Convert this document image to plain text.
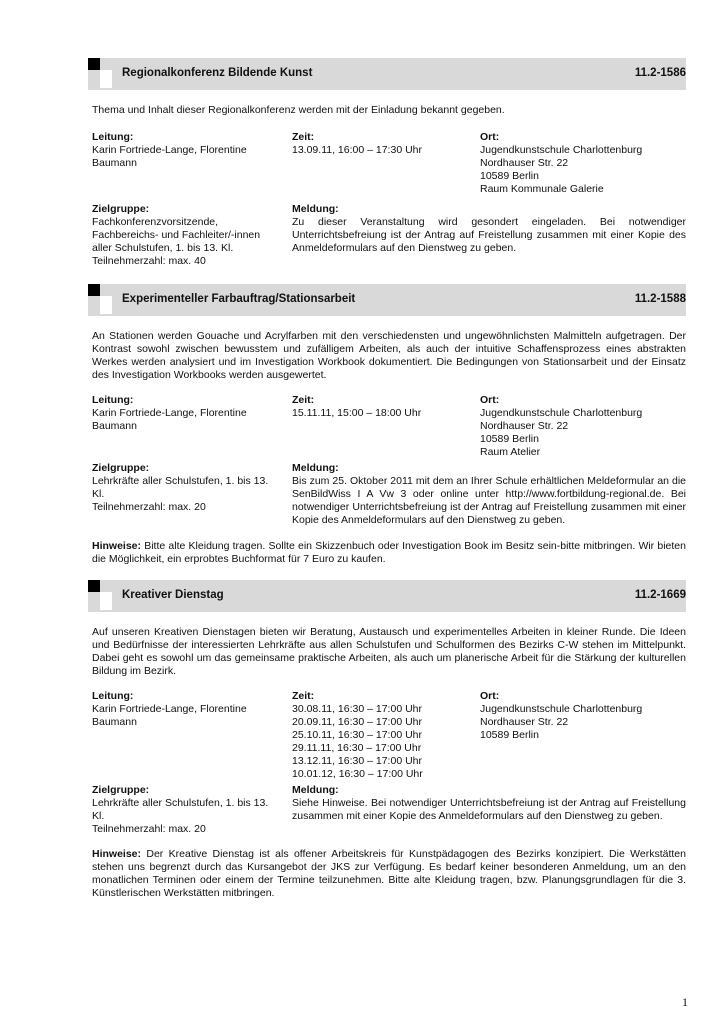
Regionalkonferenz Bildende Kunst	11.2-1586
Thema und Inhalt dieser Regionalkonferenz werden mit der Einladung bekannt gegeben.
Leitung:
Karin Fortriede-Lange, Florentine Baumann
Zeit:
13.09.11, 16:00 – 17:30 Uhr
Ort:
Jugendkunstschule Charlottenburg
Nordhauser Str. 22
10589 Berlin
Raum Kommunale Galerie
Zielgruppe:
Fachkonferenzvorsitzende, Fachbereichs- und Fachleiter/-innen aller Schulstufen, 1. bis 13. Kl.
Teilnehmerzahl: max. 40
Meldung:
Zu dieser Veranstaltung wird gesondert eingeladen. Bei notwendiger Unterrichtsbefreiung ist der Antrag auf Freistellung zusammen mit einer Kopie des Anmeldeformulars auf den Dienstweg zu geben.
Experimenteller Farbauftrag/Stationsarbeit	11.2-1588
An Stationen werden Gouache und Acrylfarben mit den verschiedensten und ungewöhnlichsten Malmitteln aufgetragen. Der Kontrast sowohl zwischen bewusstem und zufälligem Arbeiten, als auch der intuitive Schaffensprozess eines abstrakten Werkes werden analysiert und im Investigation Workbook dokumentiert. Die Bedingungen von Stationsarbeit und der Einsatz des Investigation Workbooks werden ausgewertet.
Leitung:
Karin Fortriede-Lange, Florentine Baumann
Zeit:
15.11.11, 15:00 – 18:00 Uhr
Ort:
Jugendkunstschule Charlottenburg
Nordhauser Str. 22
10589 Berlin
Raum Atelier
Zielgruppe:
Lehrkräfte aller Schulstufen, 1. bis 13. Kl.
Teilnehmerzahl: max. 20
Meldung:
Bis zum 25. Oktober 2011 mit dem an Ihrer Schule erhältlichen Meldeformular an die SenBildWiss I A Vw 3 oder online unter http://www.fortbildung-regional.de. Bei notwendiger Unterrichtsbefreiung ist der Antrag auf Freistellung zusammen mit einer Kopie des Anmeldeformulars auf den Dienstweg zu geben.
Hinweise: Bitte alte Kleidung tragen. Sollte ein Skizzenbuch oder Investigation Book im Besitz sein-bitte mitbringen. Wir bieten die Möglichkeit, ein erprobtes Buchformat für 7 Euro zu kaufen.
Kreativer Dienstag	11.2-1669
Auf unseren Kreativen Dienstagen bieten wir Beratung, Austausch und experimentelles Arbeiten in kleiner Runde. Die Ideen und Bedürfnisse der interessierten Lehrkräfte aus allen Schulstufen und Schulformen des Bezirks C-W stehen im Mittelpunkt. Dabei geht es sowohl um das gemeinsame praktische Arbeiten, als auch um planerische Arbeit für die Stärkung der kulturellen Bildung im Bezirk.
Leitung:
Karin Fortriede-Lange, Florentine Baumann
Zeit:
30.08.11, 16:30 – 17:00 Uhr
20.09.11, 16:30 – 17:00 Uhr
25.10.11, 16:30 – 17:00 Uhr
29.11.11, 16:30 – 17:00 Uhr
13.12.11, 16:30 – 17:00 Uhr
10.01.12, 16:30 – 17:00 Uhr
Ort:
Jugendkunstschule Charlottenburg
Nordhauser Str. 22
10589 Berlin
Zielgruppe:
Lehrkräfte aller Schulstufen, 1. bis 13. Kl.
Teilnehmerzahl: max. 20
Meldung:
Siehe Hinweise. Bei notwendiger Unterrichtsbefreiung ist der Antrag auf Freistellung zusammen mit einer Kopie des Anmeldeformulars auf den Dienstweg zu geben.
Hinweise: Der Kreative Dienstag ist als offener Arbeitskreis für Kunstpädagogen des Bezirks konzipiert. Die Werkstätten stehen uns begrenzt durch das Kursangebot der JKS zur Verfügung. Es bedarf keiner besonderen Anmeldung, um an den monatlichen Terminen oder einem der Termine teilzunehmen. Bitte alte Kleidung tragen, bzw. Planungsgrundlagen für die 3. Künstlerischen Werkstätten mitbringen.
1
